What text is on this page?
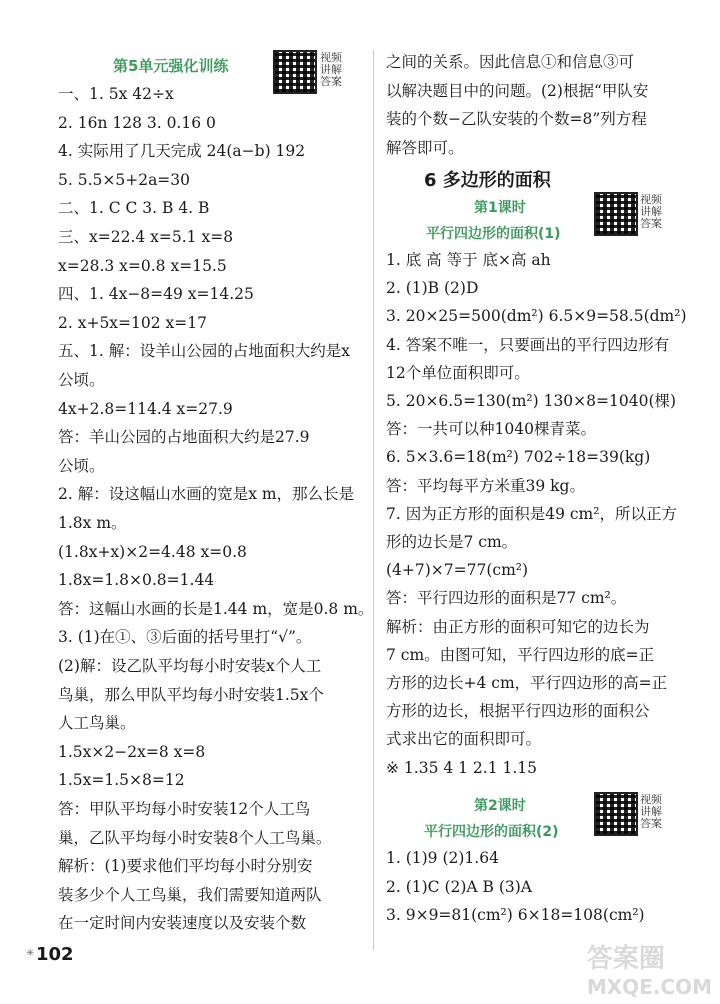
第5单元强化训练	视频讲解 答案
一、1. 5x 42÷x
2. 16n 128 3. 0.16 0
4. 实际用了几天完成 24(a−b) 192
5. 5.5×5+2a=30
二、1. C C 3. B 4. B
三、x=22.4 x=5.1 x=8
x=28.3 x=0.8 x=15.5
四、1. 4x−8=49 x=14.25
2. x+5x=102 x=17
五、1. 解：设羊山公园的占地面积大约是x
公顷。
4x+2.8=114.4 x=27.9
答：羊山公园的占地面积大约是27.9
公顷。
2. 解：设这幅山水画的宽是x m，那么长是
1.8x m。
(1.8x+x)×2=4.48 x=0.8
1.8x=1.8×0.8=1.44
答：这幅山水画的长是1.44 m，宽是0.8 m。
3. (1)在①、③后面的括号里打“√”。
(2)解：设乙队平均每小时安装x个人工
鸟巢，那么甲队平均每小时安装1.5x个
人工鸟巢。
1.5x×2−2x=8 x=8
1.5x=1.5×8=12
答：甲队平均每小时安装12个人工鸟
巢，乙队平均每小时安装8个人工鸟巢。
解析：(1)要求他们平均每小时分别安
装多少个人工鸟巢，我们需要知道两队
在一定时间内安装速度以及安装个数
之间的关系。因此信息①和信息③可
以解决题目中的问题。(2)根据“甲队安
装的个数−乙队安装的个数=8”列方程
解答即可。
6 多边形的面积
视频讲解 答案
第1课时
平行四边形的面积(1)
1. 底 高 等于 底×高 ah
2. (1)B (2)D
3. 20×25=500(dm²) 6.5×9=58.5(dm²)
4. 答案不唯一，只要画出的平行四边形有
12个单位面积即可。
5. 20×6.5=130(m²) 130×8=1040(棵)
答：一共可以种1040棵青菜。
6. 5×3.6=18(m²) 702÷18=39(kg)
答：平均每平方米重39 kg。
7. 因为正方形的面积是49 cm²，所以正方
形的边长是7 cm。
(4+7)×7=77(cm²)
答：平行四边形的面积是77 cm²。
解析：由正方形的面积可知它的边长为
7 cm。由图可知，平行四边形的底=正
方形的边长+4 cm，平行四边形的高=正
方形的边长，根据平行四边形的面积公
式求出它的面积即可。
※ 1.35 4 1 2.1 1.15
视频讲解 答案
第2课时
平行四边形的面积(2)
1. (1)9 (2)1.64
2. (1)C (2)A B (3)A
3. 9×9=81(cm²) 6×18=108(cm²)
✳ 102	答案圈
MXQE.COM
